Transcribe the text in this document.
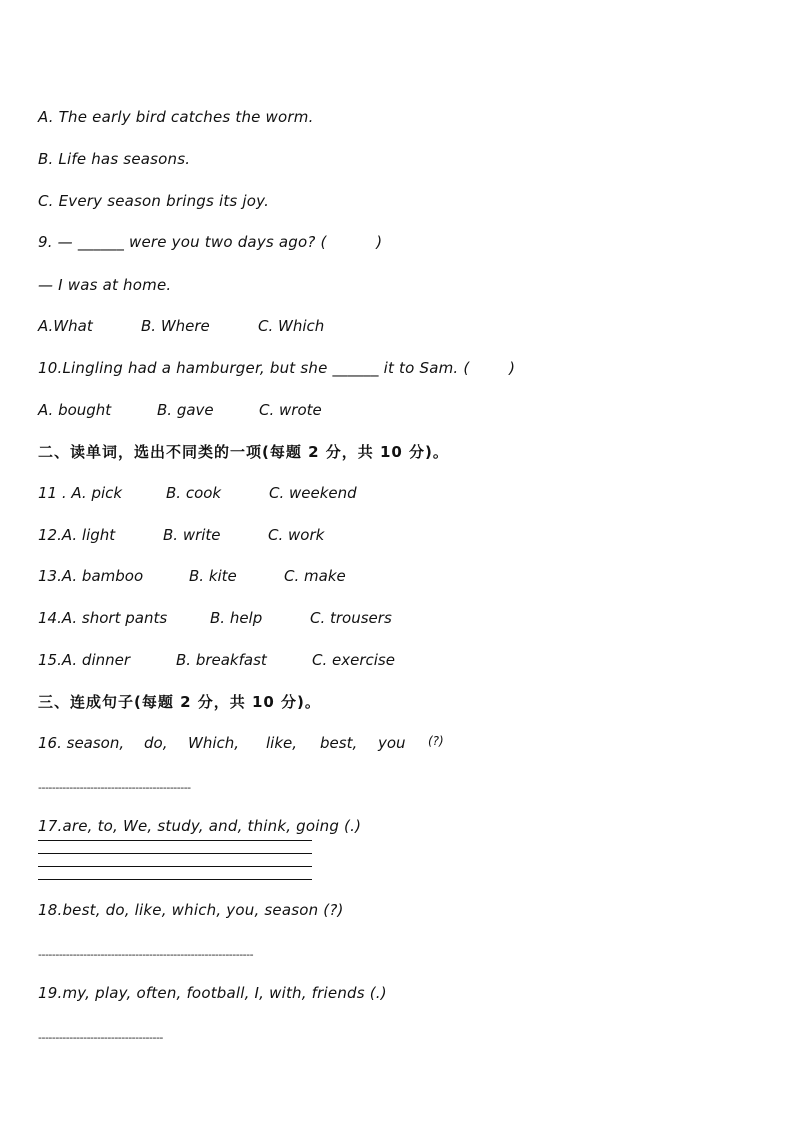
A. The early bird catches the worm.
B. Life has seasons.
C. Every season brings its joy.
9. — ______ were you two days ago? (          )
— I was at home.
A.What	B. Where	C. Which
10.Lingling had a hamburger, but she ______ it to Sam. (        )
A. bought	B. gave	C. wrote
二、读单词，选出不同类的一项(每题 2 分，共 10 分)。
11 . A. pick	B. cook	C. weekend
12.A. light	B. write	C. work
13.A. bamboo	B. kite	C. make
14.A. short pants	B. help	C. trousers
15.A. dinner	B. breakfast	C. exercise
三、连成句子(每题 2 分，共 10 分)。
16. season, do, Which, like, best, you (?)
--------------------------------------------
17.are, to, We, study, and, think, going (.)
18.best, do, like, which, you, season (?)
--------------------------------------------------------------
19.my, play, often, football, I, with, friends (.)
------------------------------------
